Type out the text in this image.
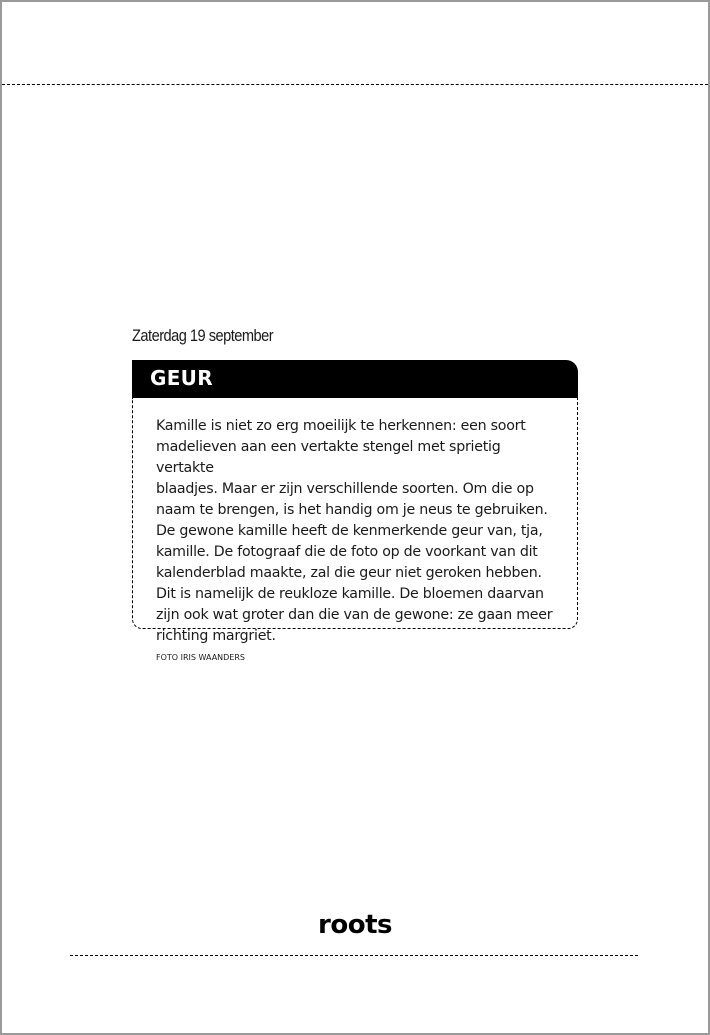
Zaterdag 19 september
GEUR

Kamille is niet zo erg moeilijk te herkennen: een soort
madelieven aan een vertakte stengel met sprietig vertakte
blaadjes. Maar er zijn verschillende soorten. Om die op
naam te brengen, is het handig om je neus te gebruiken.
De gewone kamille heeft de kenmerkende geur van, tja,
kamille. De fotograaf die de foto op de voorkant van dit
kalenderblad maakte, zal die geur niet geroken hebben.
Dit is namelijk de reukloze kamille. De bloemen daarvan
zijn ook wat groter dan die van de gewone: ze gaan meer
richting margriet.

FOTO IRIS WAANDERS
roots
